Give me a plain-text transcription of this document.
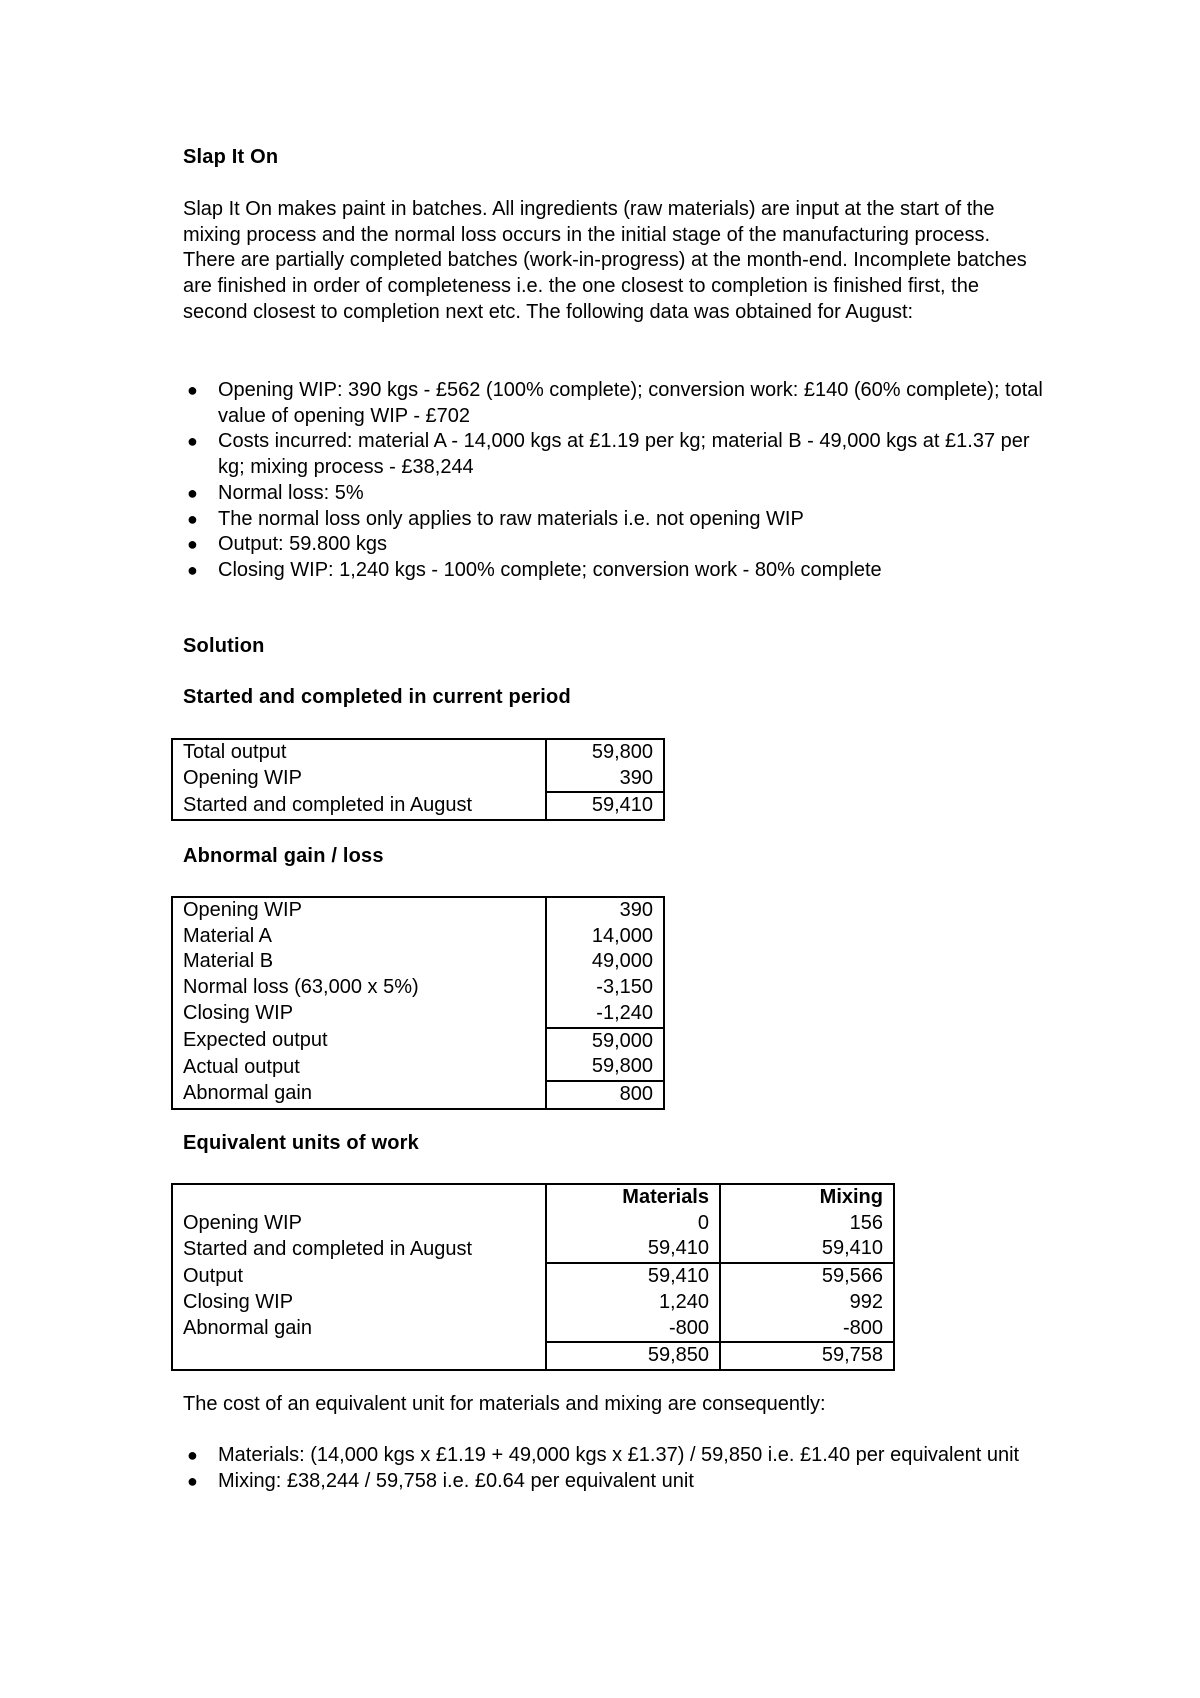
Slap It On

Slap It On makes paint in batches. All ingredients (raw materials) are input at the start of the mixing process and the normal loss occurs in the initial stage of the manufacturing process. There are partially completed batches (work-in-progress) at the month-end. Incomplete batches are finished in order of completeness i.e. the one closest to completion is finished first, the second closest to completion next etc. The following data was obtained for August:

● Opening WIP: 390 kgs - £562 (100% complete); conversion work: £140 (60% complete); total value of opening WIP - £702
● Costs incurred: material A - 14,000 kgs at £1.19 per kg; material B - 49,000 kgs at £1.37 per kg; mixing process - £38,244
● Normal loss: 5%
● The normal loss only applies to raw materials i.e. not opening WIP
● Output: 59.800 kgs
● Closing WIP: 1,240 kgs - 100% complete; conversion work - 80% complete
Solution
Started and completed in current period
Total output	59,800
Opening WIP	390
Started and completed in August	59,410
Abnormal gain / loss
Opening WIP	390
Material A	14,000
Material B	49,000
Normal loss (63,000 x 5%)	-3,150
Closing WIP	-1,240
Expected output	59,000
Actual output	59,800
Abnormal gain	800
Equivalent units of work
	Materials	Mixing
Opening WIP	0	156
Started and completed in August	59,410	59,410
Output	59,410	59,566
Closing WIP	1,240	992
Abnormal gain	-800	-800
	59,850	59,758

The cost of an equivalent unit for materials and mixing are consequently:

● Materials: (14,000 kgs x £1.19 + 49,000 kgs x £1.37) / 59,850 i.e. £1.40 per equivalent unit
● Mixing: £38,244 / 59,758 i.e. £0.64 per equivalent unit
